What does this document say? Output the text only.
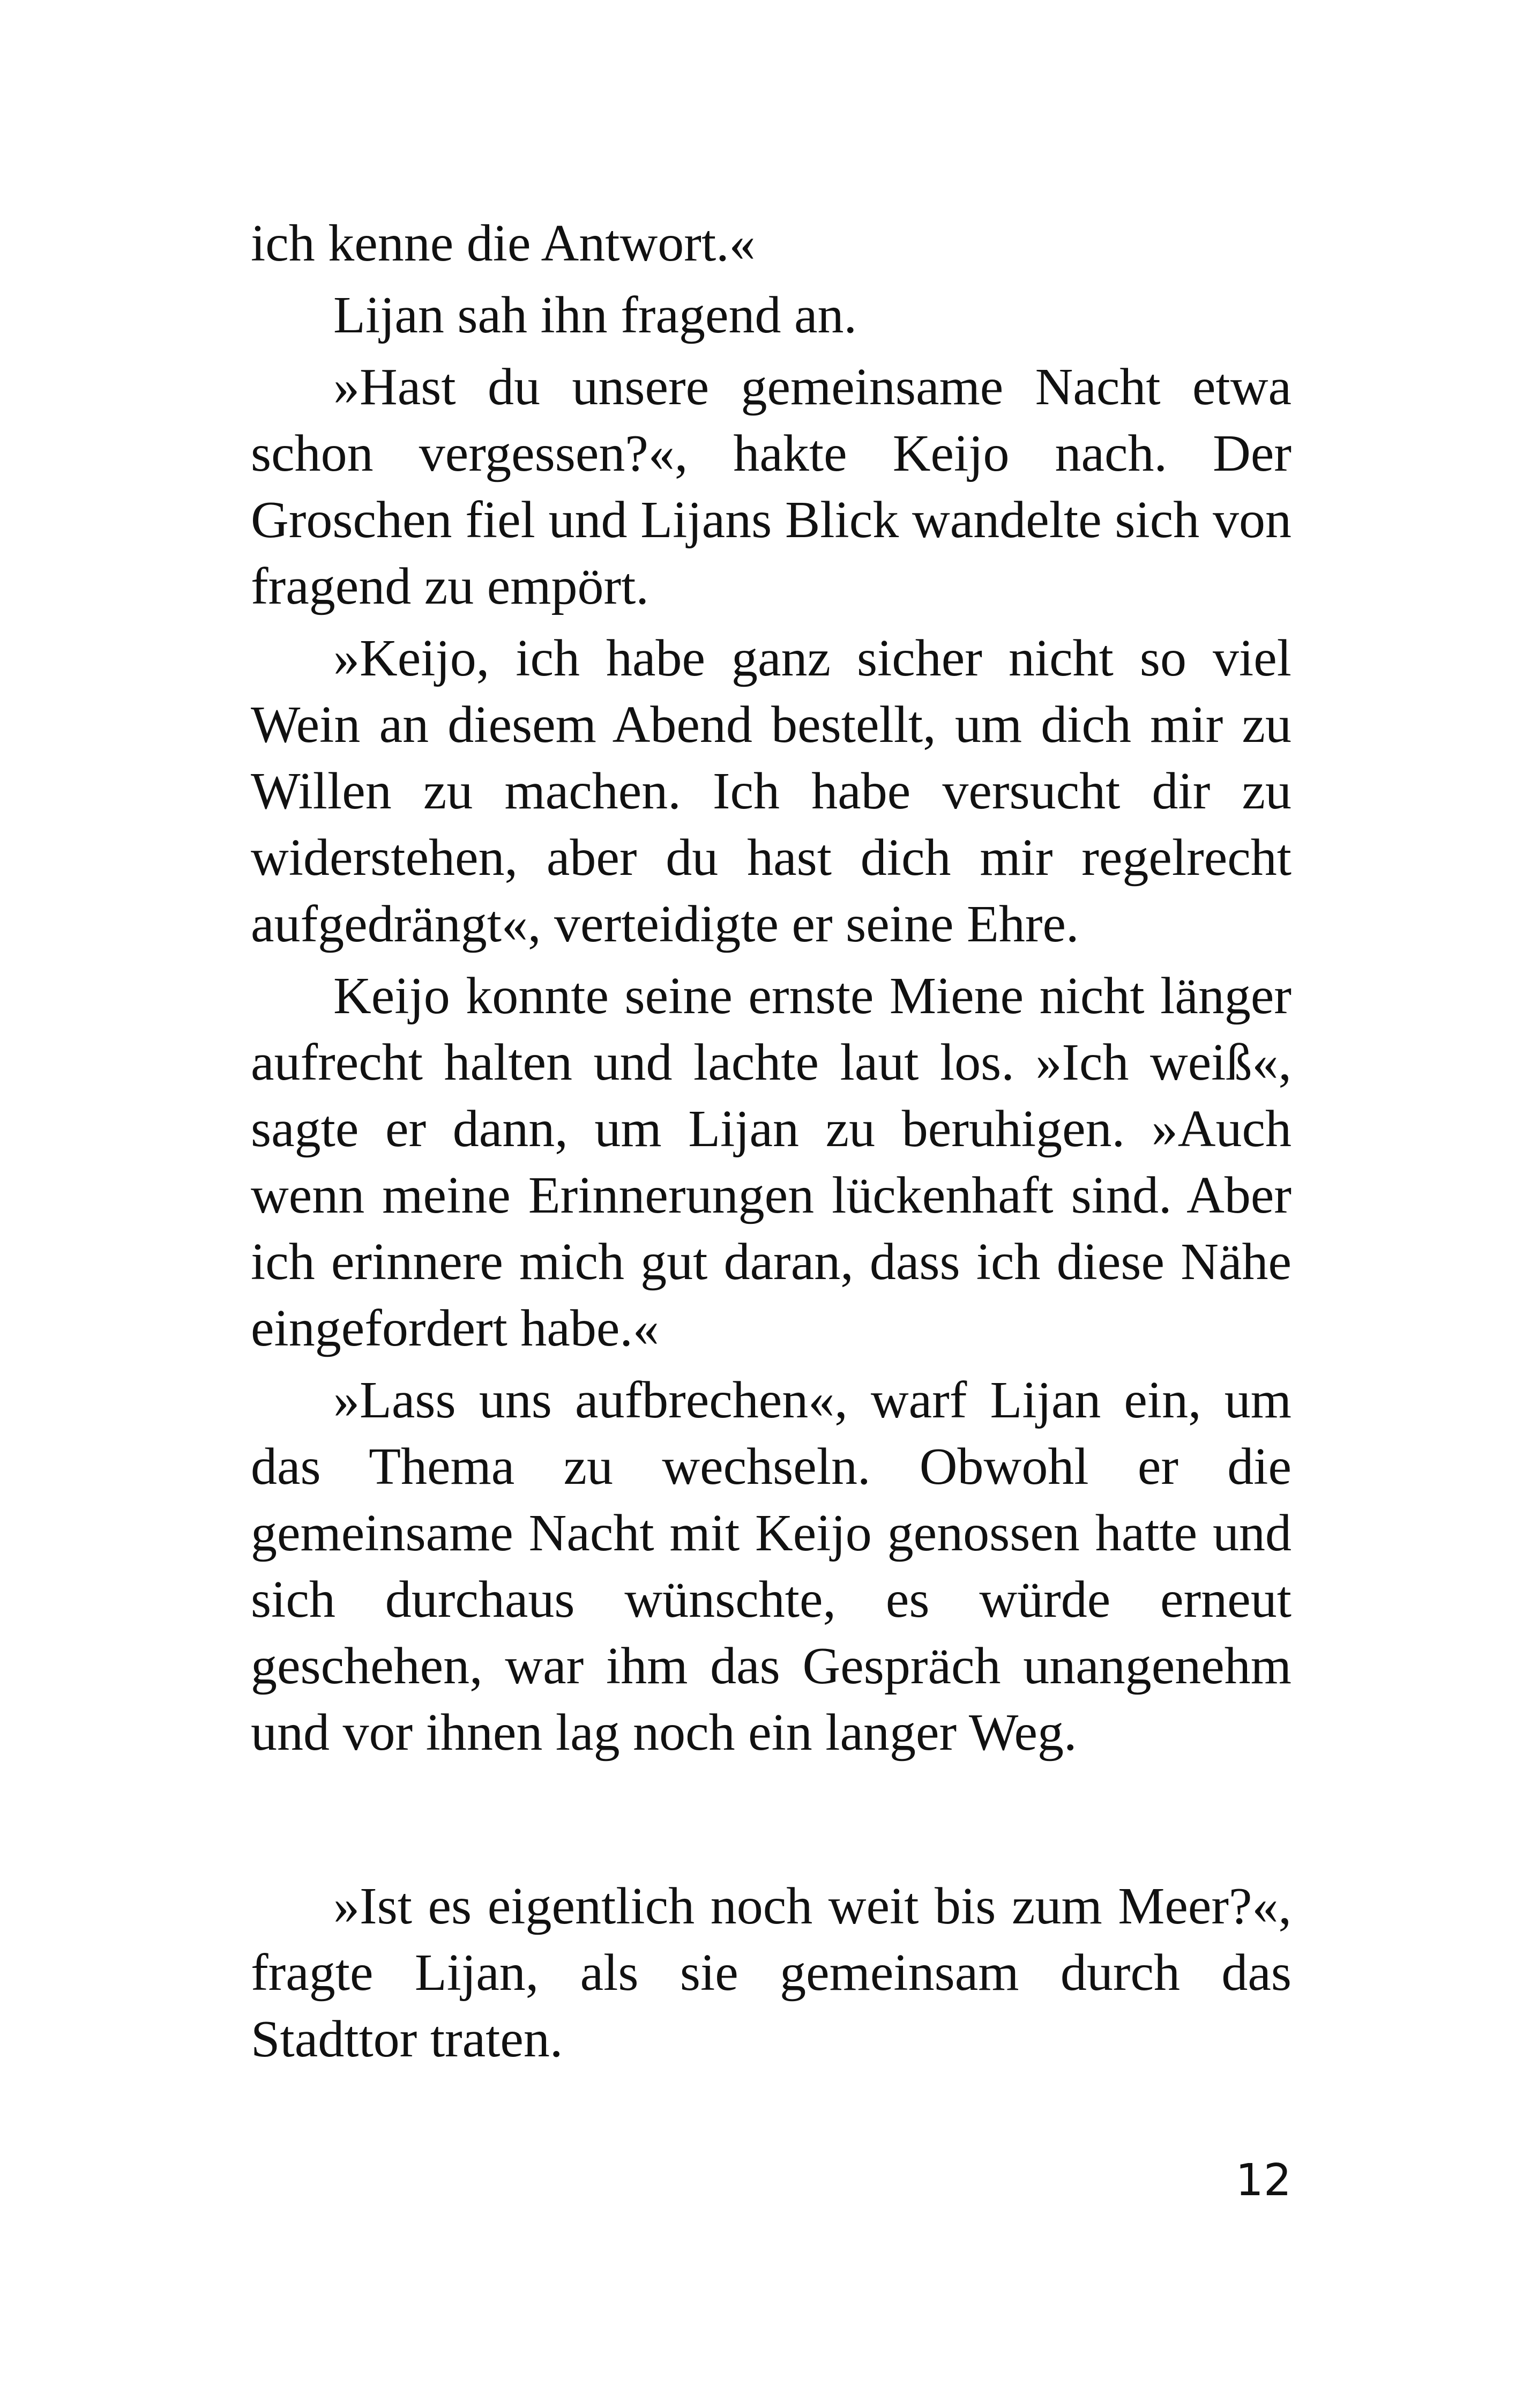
ich kenne die Antwort.«

Lijan sah ihn fragend an.

»Hast du unsere gemeinsame Nacht etwa schon vergessen?«, hakte Keijo nach. Der Groschen fiel und Lijans Blick wandelte sich von fragend zu empört.

»Keijo, ich habe ganz sicher nicht so viel Wein an diesem Abend bestellt, um dich mir zu Willen zu machen. Ich habe versucht dir zu widerstehen, aber du hast dich mir regelrecht aufgedrängt«, verteidigte er seine Ehre.

Keijo konnte seine ernste Miene nicht länger aufrecht halten und lachte laut los. »Ich weiß«, sagte er dann, um Lijan zu beruhigen. »Auch wenn meine Erinnerungen lückenhaft sind. Aber ich erinnere mich gut daran, dass ich diese Nähe eingefordert habe.«

»Lass uns aufbrechen«, warf Lijan ein, um das Thema zu wechseln. Obwohl er die gemeinsame Nacht mit Keijo genossen hatte und sich durchaus wünschte, es würde erneut geschehen, war ihm das Gespräch unangenehm und vor ihnen lag noch ein langer Weg.

»Ist es eigentlich noch weit bis zum Meer?«, fragte Lijan, als sie gemeinsam durch das Stadttor traten.

12
